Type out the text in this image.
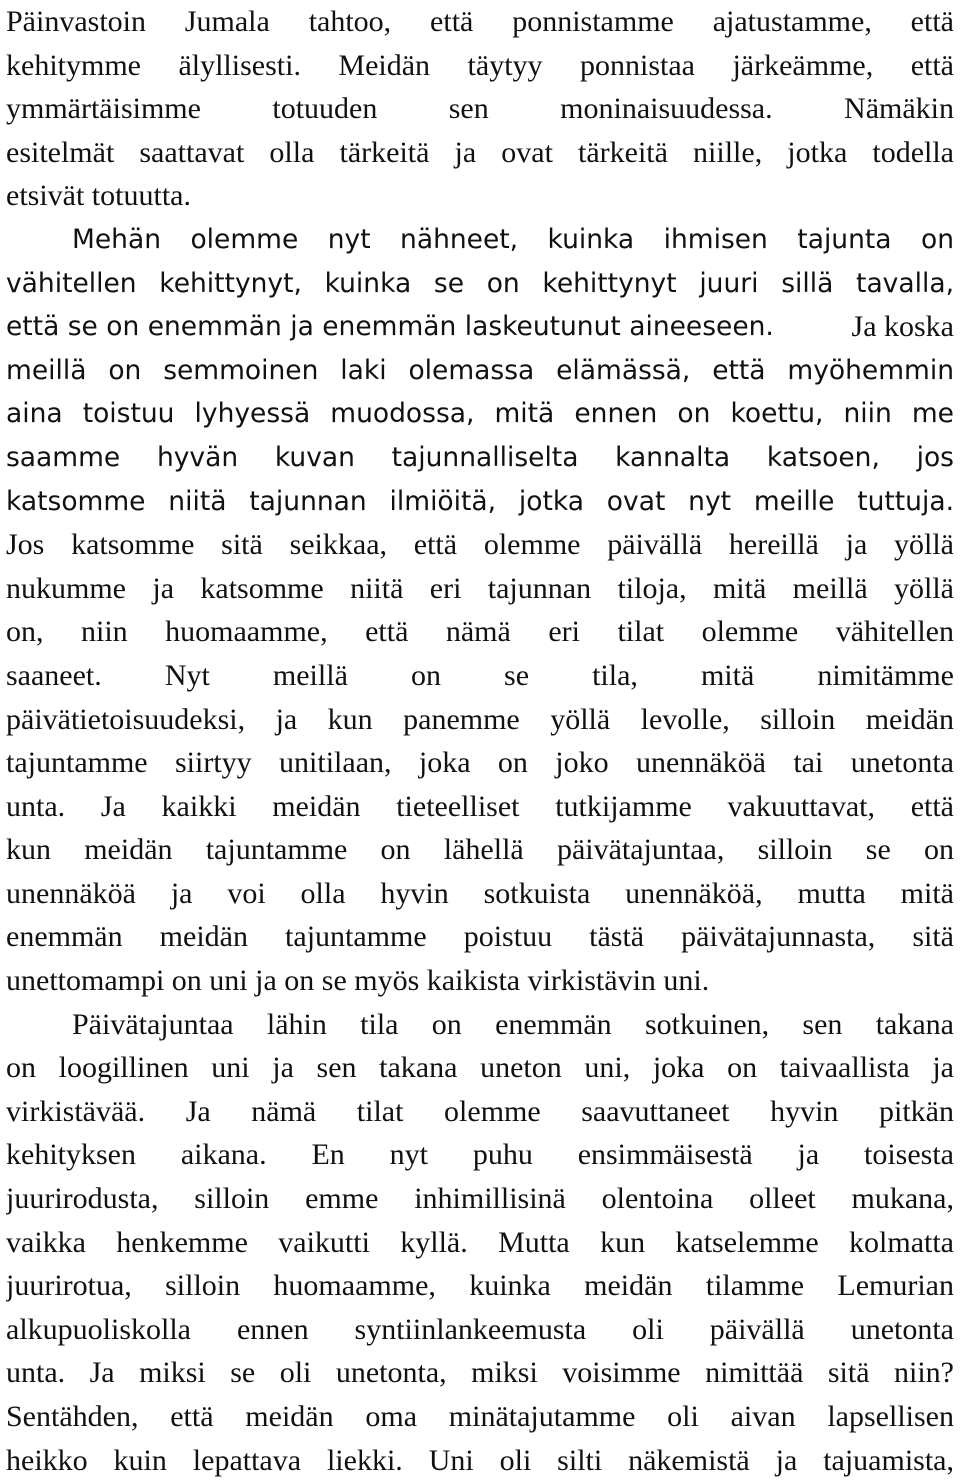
Päinvastoin Jumala tahtoo, että ponnistamme ajatustamme, että
kehitymme älyllisesti. Meidän täytyy ponnistaa järkeämme, että
ymmärtäisimme totuuden sen moninaisuudessa. Nämäkin
esitelmät saattavat olla tärkeitä ja ovat tärkeitä niille, jotka todella
etsivät totuutta.
Mehän olemme nyt nähneet, kuinka ihmisen tajunta on
vähitellen kehittynyt, kuinka se on kehittynyt juuri sillä tavalla,
että se on enemmän ja enemmän laskeutunut aineeseen.	Ja koska
meillä on semmoinen laki olemassa elämässä, että myöhemmin
aina toistuu lyhyessä muodossa, mitä ennen on koettu, niin me
saamme hyvän kuvan tajunnalliselta kannalta katsoen, jos
katsomme niitä tajunnan ilmiöitä, jotka ovat nyt meille tuttuja.
Jos katsomme sitä seikkaa, että olemme päivällä hereillä ja yöllä
nukumme ja katsomme niitä eri tajunnan tiloja, mitä meillä yöllä
on, niin huomaamme, että nämä eri tilat olemme vähitellen
saaneet. Nyt meillä on se tila, mitä nimitämme
päivätietoisuudeksi, ja kun panemme yöllä levolle, silloin meidän
tajuntamme siirtyy unitilaan, joka on joko unennäköä tai unetonta
unta. Ja kaikki meidän tieteelliset tutkijamme vakuuttavat, että
kun meidän tajuntamme on lähellä päivätajuntaa, silloin se on
unennäköä ja voi olla hyvin sotkuista unennäköä, mutta mitä
enemmän meidän tajuntamme poistuu tästä päivätajunnasta, sitä
unettomampi on uni ja on se myös kaikista virkistävin uni.
Päivätajuntaa lähin tila on enemmän sotkuinen, sen takana
on loogillinen uni ja sen takana uneton uni, joka on taivaallista ja
virkistävää. Ja nämä tilat olemme saavuttaneet hyvin pitkän
kehityksen aikana. En nyt puhu ensimmäisestä ja toisesta
juurirodusta, silloin emme inhimillisinä olentoina olleet mukana,
vaikka henkemme vaikutti kyllä. Mutta kun katselemme kolmatta
juurirotua, silloin huomaamme, kuinka meidän tilamme Lemurian
alkupuoliskolla ennen syntiinlankeemusta oli päivällä unetonta
unta. Ja miksi se oli unetonta, miksi voisimme nimittää sitä niin?
Sentähden, että meidän oma minätajutamme oli aivan lapsellisen
heikko kuin lepattava liekki. Uni oli silti näkemistä ja tajuamista,
